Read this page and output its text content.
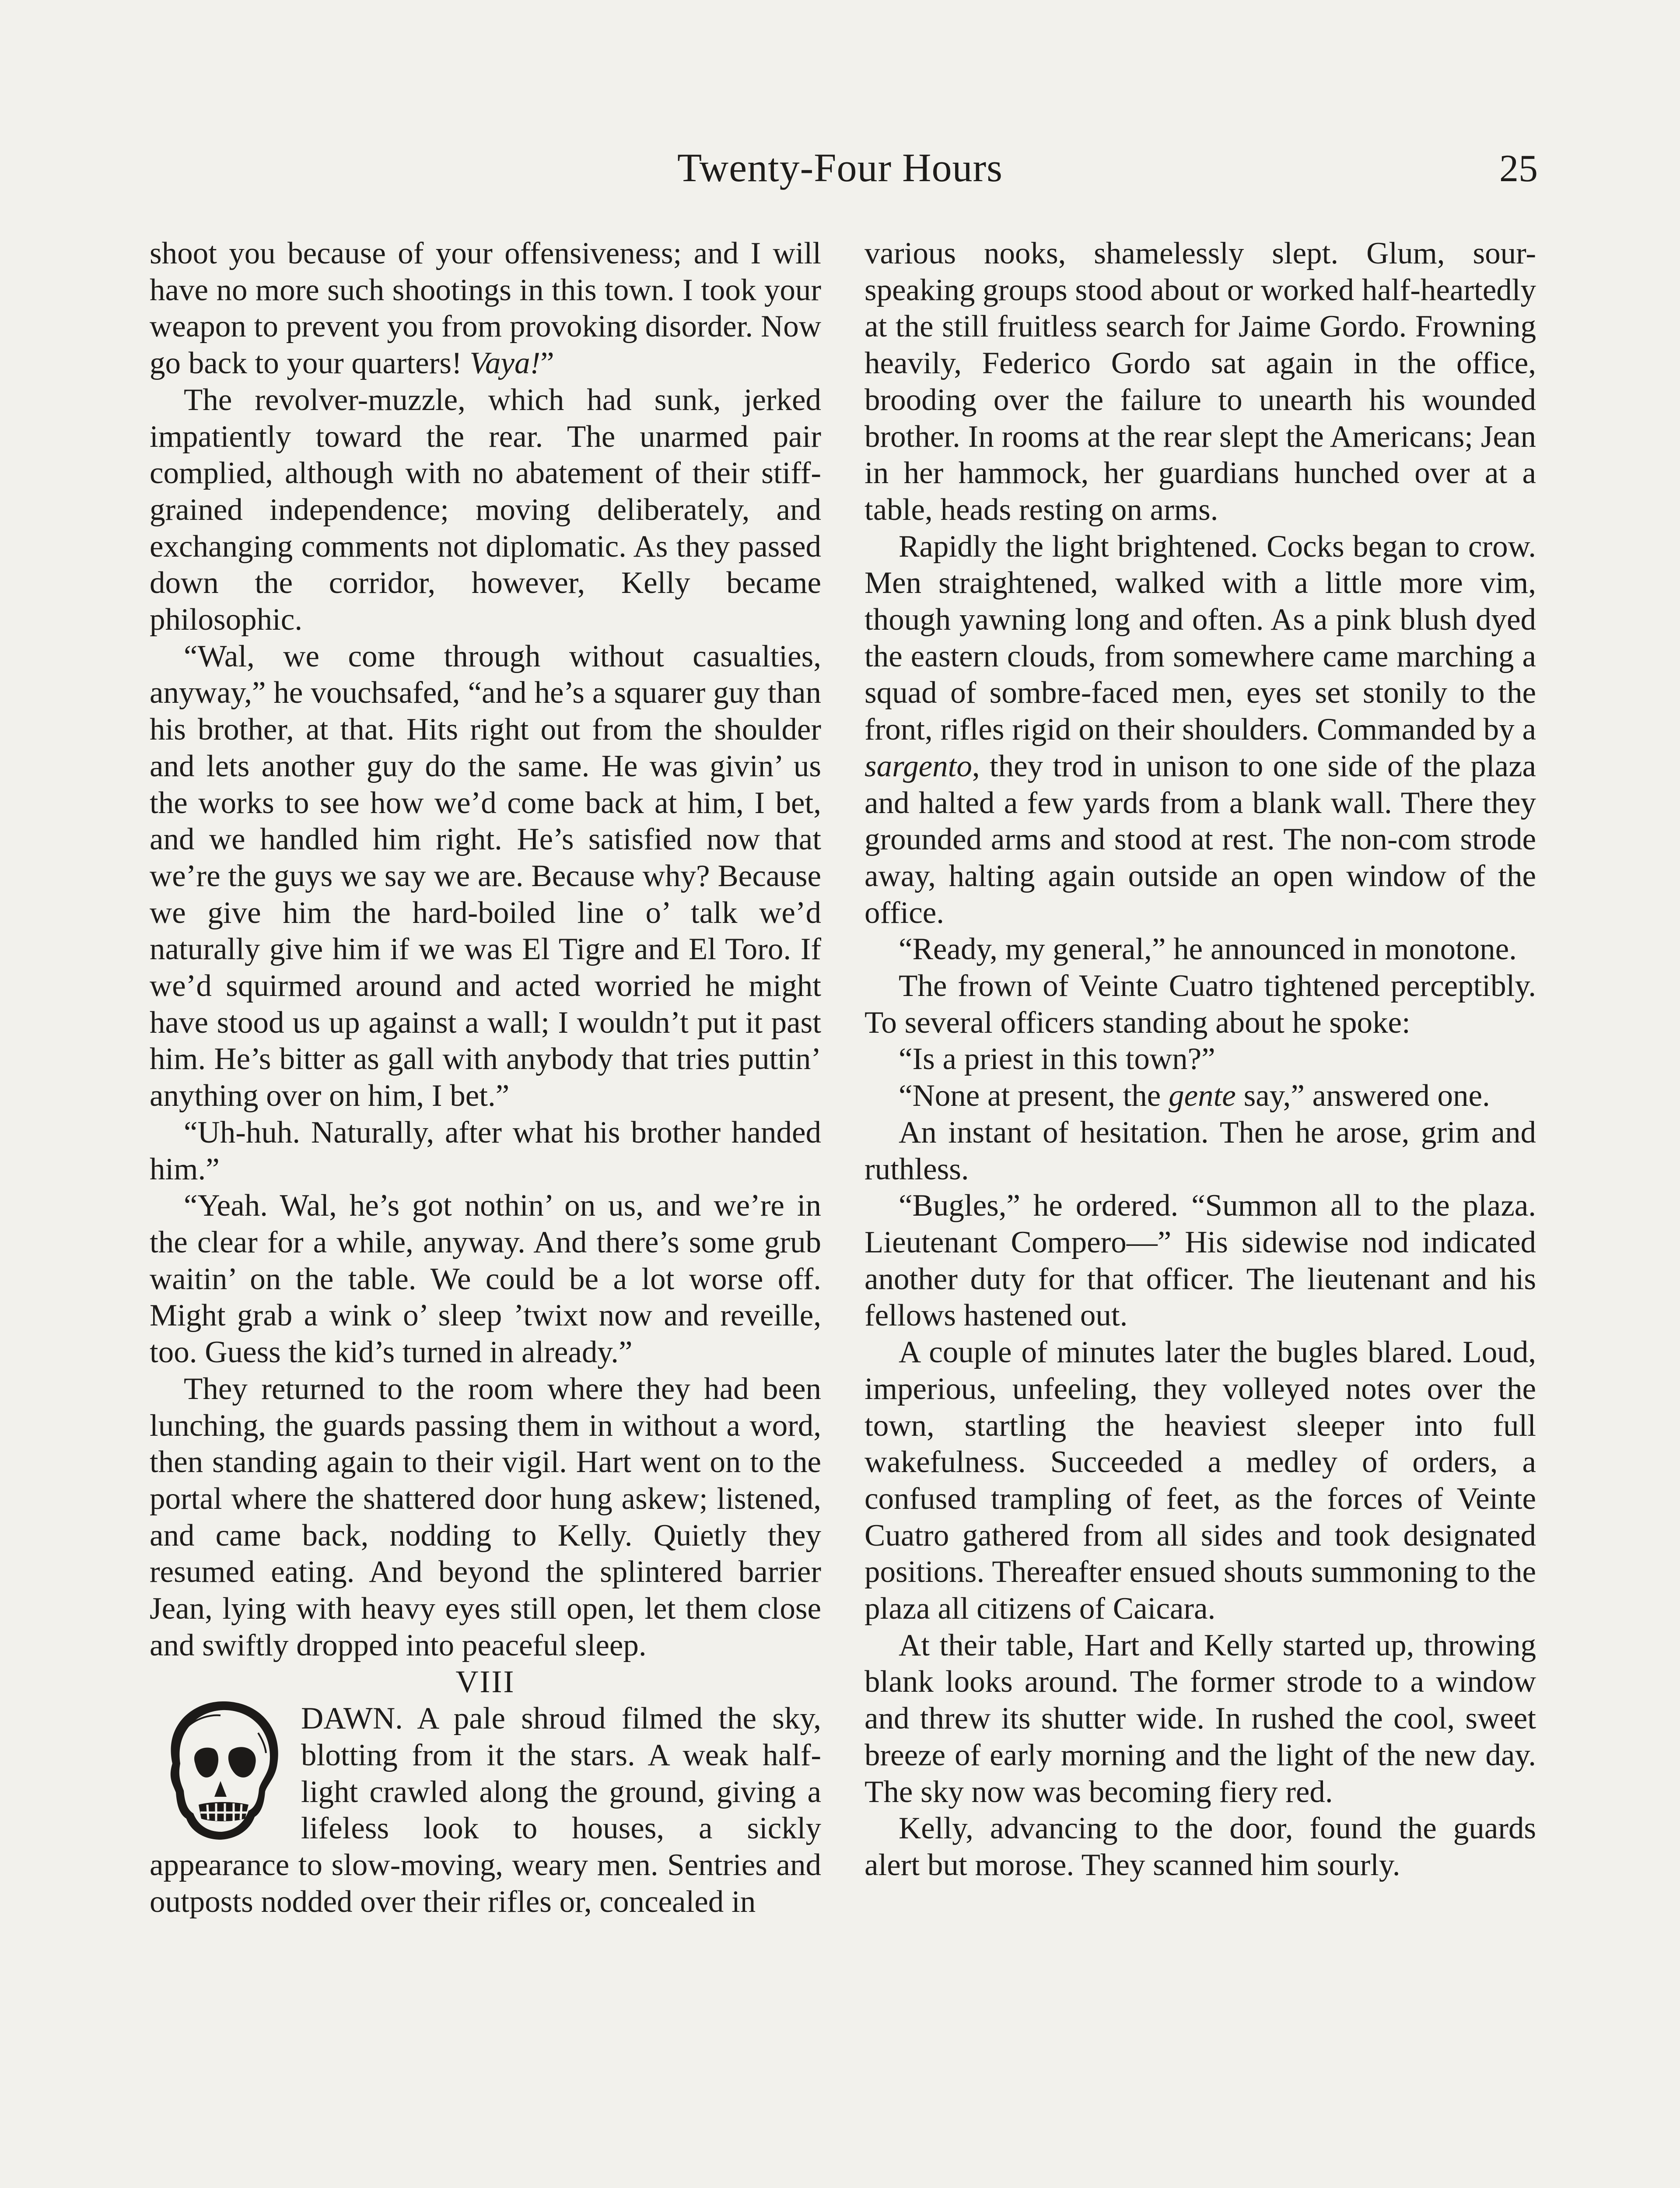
Twenty-Four Hours	25

shoot you because of your offensiveness; and I will have no more such shootings in this town. I took your weapon to prevent you from provoking disorder. Now go back to your quarters! Vaya!”

The revolver-muzzle, which had sunk, jerked impatiently toward the rear. The unarmed pair complied, although with no abatement of their stiff-grained independence; moving deliberately, and exchanging comments not diplomatic. As they passed down the corridor, however, Kelly became philosophic.

“Wal, we come through without casualties, anyway,” he vouchsafed, “and he’s a squarer guy than his brother, at that. Hits right out from the shoulder and lets another guy do the same. He was givin’ us the works to see how we’d come back at him, I bet, and we handled him right. He’s satisfied now that we’re the guys we say we are. Because why? Because we give him the hard-boiled line o’ talk we’d naturally give him if we was El Tigre and El Toro. If we’d squirmed around and acted worried he might have stood us up against a wall; I wouldn’t put it past him. He’s bitter as gall with anybody that tries puttin’ anything over on him, I bet.”

“Uh-huh. Naturally, after what his brother handed him.”

“Yeah. Wal, he’s got nothin’ on us, and we’re in the clear for a while, anyway. And there’s some grub waitin’ on the table. We could be a lot worse off. Might grab a wink o’ sleep ’twixt now and reveille, too. Guess the kid’s turned in already.”

They returned to the room where they had been lunching, the guards passing them in without a word, then standing again to their vigil. Hart went on to the portal where the shattered door hung askew; listened, and came back, nodding to Kelly. Quietly they resumed eating. And beyond the splintered barrier Jean, lying with heavy eyes still open, let them close and swiftly dropped into peaceful sleep.

VIII

DAWN. A pale shroud filmed the sky, blotting from it the stars. A weak half-light crawled along the ground, giving a lifeless look to houses, a sickly appearance to slow-moving, weary men. Sentries and outposts nodded over their rifles or, concealed in

various nooks, shamelessly slept. Glum, sour-speaking groups stood about or worked half-heartedly at the still fruitless search for Jaime Gordo. Frowning heavily, Federico Gordo sat again in the office, brooding over the failure to unearth his wounded brother. In rooms at the rear slept the Americans; Jean in her hammock, her guardians hunched over at a table, heads resting on arms.

Rapidly the light brightened. Cocks began to crow. Men straightened, walked with a little more vim, though yawning long and often. As a pink blush dyed the eastern clouds, from somewhere came marching a squad of sombre-faced men, eyes set stonily to the front, rifles rigid on their shoulders. Commanded by a sargento, they trod in unison to one side of the plaza and halted a few yards from a blank wall. There they grounded arms and stood at rest. The non-com strode away, halting again outside an open window of the office.

“Ready, my general,” he announced in monotone.

The frown of Veinte Cuatro tightened perceptibly. To several officers standing about he spoke:

“Is a priest in this town?”

“None at present, the gente say,” answered one.

An instant of hesitation. Then he arose, grim and ruthless.

“Bugles,” he ordered. “Summon all to the plaza. Lieutenant Compero—” His sidewise nod indicated another duty for that officer. The lieutenant and his fellows hastened out.

A couple of minutes later the bugles blared. Loud, imperious, unfeeling, they volleyed notes over the town, startling the heaviest sleeper into full wakefulness. Succeeded a medley of orders, a confused trampling of feet, as the forces of Veinte Cuatro gathered from all sides and took designated positions. Thereafter ensued shouts summoning to the plaza all citizens of Caicara.

At their table, Hart and Kelly started up, throwing blank looks around. The former strode to a window and threw its shutter wide. In rushed the cool, sweet breeze of early morning and the light of the new day. The sky now was becoming fiery red.

Kelly, advancing to the door, found the guards alert but morose. They scanned him sourly.
